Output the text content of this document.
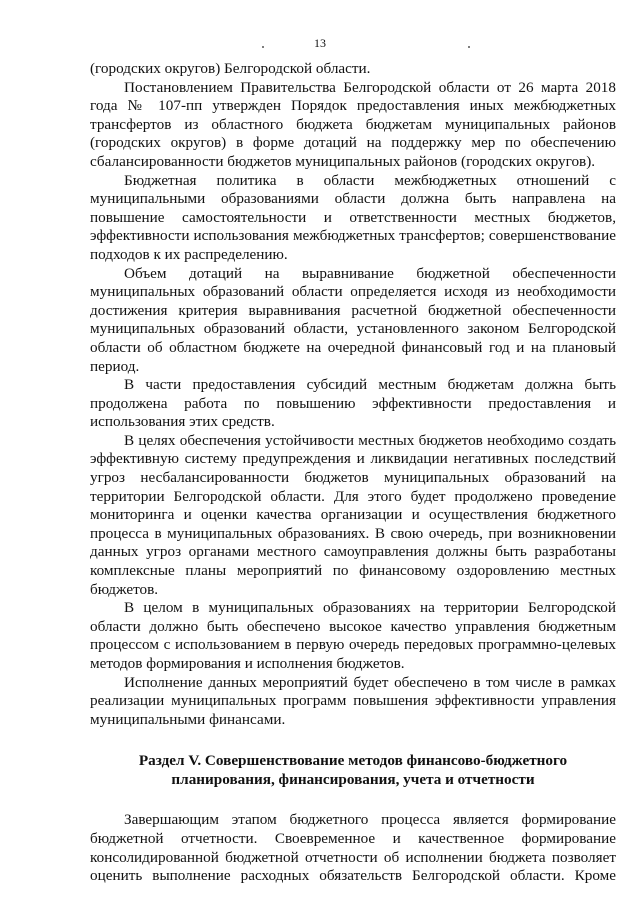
13

(городских округов) Белгородской области.

Постановлением Правительства Белгородской области от 26 марта 2018 года № 107-пп утвержден Порядок предоставления иных межбюджетных трансфертов из областного бюджета бюджетам муниципальных районов (городских округов) в форме дотаций на поддержку мер по обеспечению сбалансированности бюджетов муниципальных районов (городских округов).

Бюджетная политика в области межбюджетных отношений с муниципальными образованиями области должна быть направлена на повышение самостоятельности и ответственности местных бюджетов, эффективности использования межбюджетных трансфертов; совершенствование подходов к их распределению.

Объем дотаций на выравнивание бюджетной обеспеченности муниципальных образований области определяется исходя из необходимости достижения критерия выравнивания расчетной бюджетной обеспеченности муниципальных образований области, установленного законом Белгородской области об областном бюджете на очередной финансовый год и на плановый период.

В части предоставления субсидий местным бюджетам должна быть продолжена работа по повышению эффективности предоставления и использования этих средств.

В целях обеспечения устойчивости местных бюджетов необходимо создать эффективную систему предупреждения и ликвидации негативных последствий угроз несбалансированности бюджетов муниципальных образований на территории Белгородской области. Для этого будет продолжено проведение мониторинга и оценки качества организации и осуществления бюджетного процесса в муниципальных образованиях. В свою очередь, при возникновении данных угроз органами местного самоуправления должны быть разработаны комплексные планы мероприятий по финансовому оздоровлению местных бюджетов.

В целом в муниципальных образованиях на территории Белгородской области должно быть обеспечено высокое качество управления бюджетным процессом с использованием в первую очередь передовых программно-целевых методов формирования и исполнения бюджетов.

Исполнение данных мероприятий будет обеспечено в том числе в рамках реализации муниципальных программ повышения эффективности управления муниципальными финансами.

Раздел V. Совершенствование методов финансово-бюджетного
планирования, финансирования, учета и отчетности

Завершающим этапом бюджетного процесса является формирование бюджетной отчетности. Своевременное и качественное формирование консолидированной бюджетной отчетности об исполнении бюджета позволяет оценить выполнение расходных обязательств Белгородской области. Кроме
